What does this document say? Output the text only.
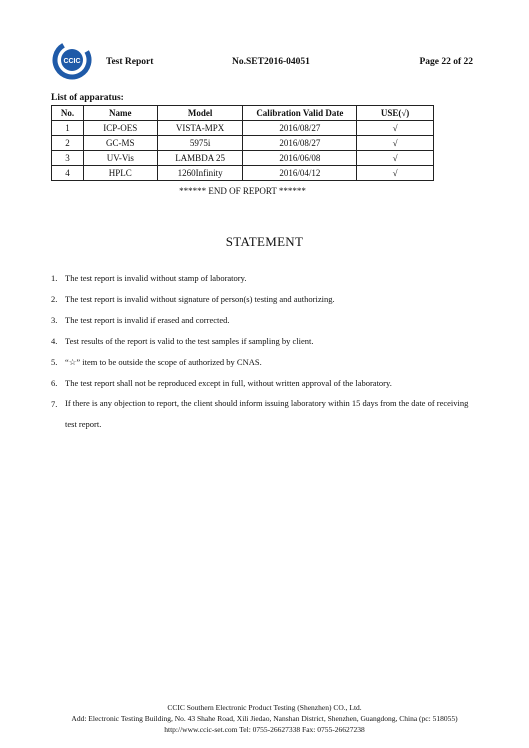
CCIC	Test Report	No.SET2016-04051	Page 22 of 22
List of apparatus:
No.	Name	Model	Calibration Valid Date	USE(√)
1	ICP-OES	VISTA-MPX	2016/08/27	√
2	GC-MS	5975i	2016/08/27	√
3	UV-Vis	LAMBDA 25	2016/06/08	√
4	HPLC	1260Infinity	2016/04/12	√
****** END OF REPORT ******
STATEMENT
1. The test report is invalid without stamp of laboratory.
2. The test report is invalid without signature of person(s) testing and authorizing.
3. The test report is invalid if erased and corrected.
4. Test results of the report is valid to the test samples if sampling by client.
5. “☆” item to be outside the scope of authorized by CNAS.
6. The test report shall not be reproduced except in full, without written approval of the laboratory.
7. If there is any objection to report, the client should inform issuing laboratory within 15 days from the date of receiving test report.
CCIC Southern Electronic Product Testing (Shenzhen) CO., Ltd.
Add: Electronic Testing Building, No. 43 Shahe Road, Xili Jiedao, Nanshan District, Shenzhen, Guangdong, China (pc: 518055)
http://www.ccic-set.com Tel: 0755-26627338 Fax: 0755-26627238
